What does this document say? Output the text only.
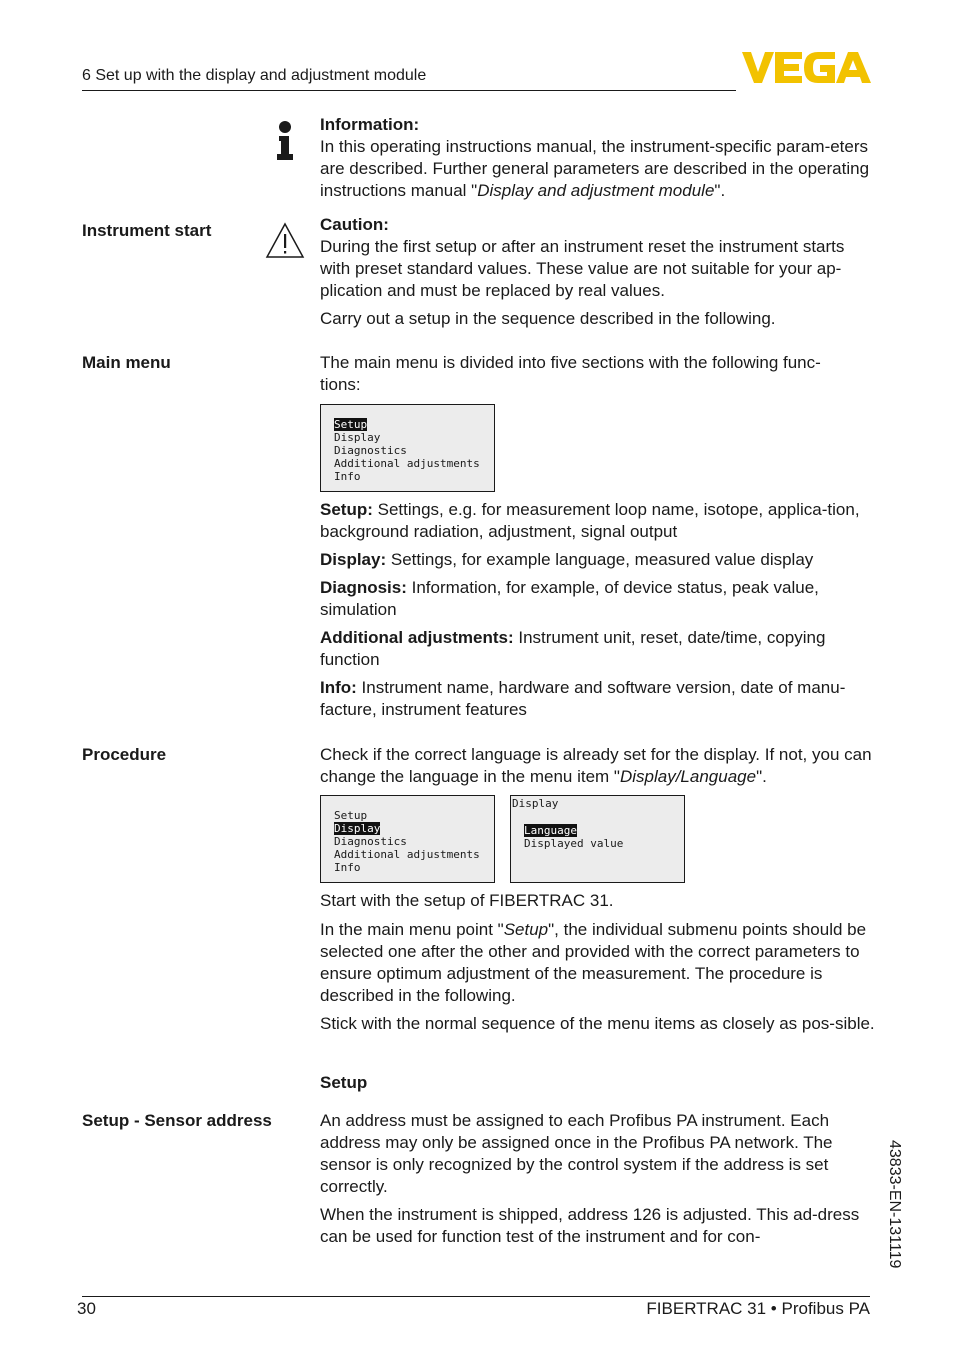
6 Set up with the display and adjustment module

Information:

In this operating instructions manual, the instrument-specific param-eters are described. Further general parameters are described in the operating instructions manual "Display and adjustment module".

Instrument start	Caution:

During the first setup or after an instrument reset the instrument starts with preset standard values. These value are not suitable for your ap-plication and must be replaced by real values.

Carry out a setup in the sequence described in the following.

Main menu	The main menu is divided into five sections with the following func-tions:
Setup
Display
Diagnostics
Additional adjustments
Info

Setup: Settings, e.g. for measurement loop name, isotope, applica-tion, background radiation, adjustment, signal output

Display: Settings, for example language, measured value display

Diagnosis: Information, for example, of device status, peak value, simulation

Additional adjustments: Instrument unit, reset, date/time, copying function

Info: Instrument name, hardware and software version, date of manu-facture, instrument features

Procedure	Check if the correct language is already set for the display. If not, you can change the language in the menu item "Display/Language".

Setup
Display
Diagnostics
Additional adjustments
Info
Display
Language
Displayed value

Start with the setup of FIBERTRAC 31.

In the main menu point "Setup", the individual submenu points should be selected one after the other and provided with the correct parameters to ensure optimum adjustment of the measurement. The procedure is described in the following.

Stick with the normal sequence of the menu items as closely as pos-sible.

Setup
Setup - Sensor address	An address must be assigned to each Profibus PA instrument. Each address may only be assigned once in the Profibus PA network. The sensor is only recognized by the control system if the address is set correctly.

When the instrument is shipped, address 126 is adjusted. This ad-dress can be used for function test of the instrument and for con-	43833-EN-131119
30	FIBERTRAC 31 • Profibus PA
